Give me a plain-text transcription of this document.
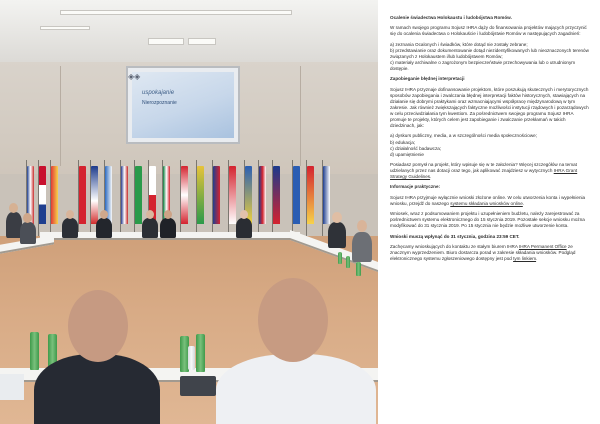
uspokajanie
Nierozpoznanie
◈◈

Ocalenie świadectwa Holokaustu i ludobójstwa Romów.

W ramach swojego programu Sojusz IHRA dąży do finansowania projektów mających przyczynić się do ocalenia świadectwa o Holokauście i ludobójstwie Romów w następujących zagadnień:

a) zeznania Ocalonych i świadków, które dotąd nie zostały zebrane;
b) przedstawianie oraz dokumentowanie dotąd niezidentyfikowanych lub nieoznaczonych terenów związanych z Holokaustem i/lub ludobójstwem Romów;
c) materiały archiwalne o zagrożonym bezpieczeństwie przechowywania lub o utrudnionym dostępie.

Zapobieganie błędnej interpretacji

Sojusz IHRA przyznaje dofinansowanie projektom, które poszukują skutecznych i merytorycznych sposobów zapobiegania i zwalczania błędnej interpretacji faktów historycznych, stawiających na działanie się dobrymi praktykami oraz wzmacniającymi współpracę międzynarodową w tym zakresie. Jak również zwiększających faktyczne możliwości instytucji rządowych i pozarządowych w celu przeciwdziałania tym kwestiom. Za pośrednictwem swojego programu Sojusz IHRA promuje te projekty, których celem jest zapobieganie i zwalczanie przekłamań w takich dziedzinach, jak:

a) dyskurs publiczny, media, a w szczególności media społecznościowe;
b) edukacja;
c) działalność badawcza;
d) upamiętnienie

Posiadasz pomysł na projekt, który wpisuje się w te założenia? Więcej szczegółów na temat udzielanych przez nas dotacji oraz tego, jak aplikować znajdziesz w wytycznych IHRA Grant Strategy Guidelines.

Informacje praktyczne:

Sojusz IHRA przyjmuje wyłącznie wnioski złożone online. W celu utworzenia konta i wypełnienia wniosku, przejdź do naszego systemu składania wniosków online.

Wniosek, wraz z podsumowaniem projektu i uzupełnieniem budżetu, należy zarejestrować za pośrednictwem systemu elektronicznego do 15 stycznia 2019. Pozostałe sekcje wniosku można modyfikować do 31 stycznia 2019. Po 15 stycznia nie będzie możliwe utworzenie konta.

Wnioski muszą wpłynąć do 31 stycznia, godzina 23:59 CET.

Zachęcamy wnioskujących do kontaktu ze stałym biurem IHRA IHRA Permanent Office ze znacznym wyprzedzeniem. Biuro dostarcza porad w zakresie składania wniosków. Podgląd elektronicznego systemu zgłoszeniowego dostępny jest pod tym linkiem.
